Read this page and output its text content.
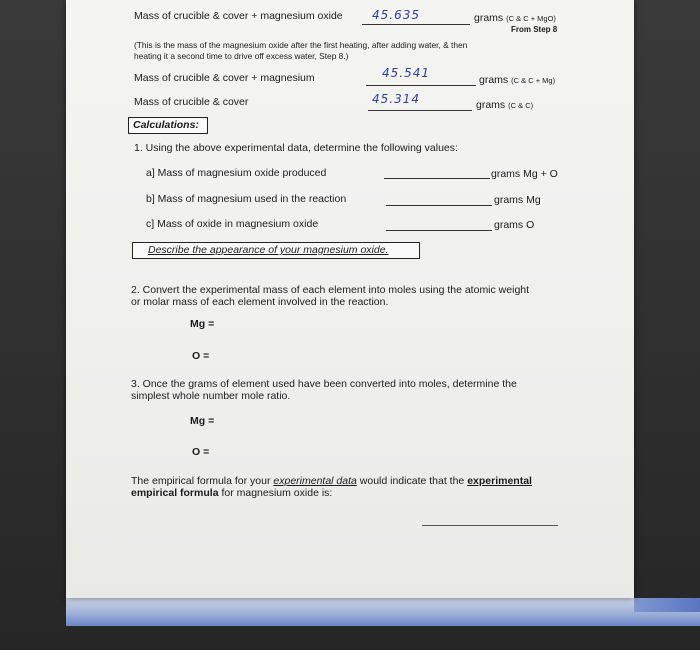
Mass of crucible & cover + magnesium oxide 45.635	grams (C & C + MgO)
From Step 8
(This is the mass of the magnesium oxide after the first heating, after adding water, & then
heating it a second time to drive off excess water, Step 8.)
Mass of crucible & cover + magnesium	45.541	grams (C & C + Mg)
Mass of crucible & cover	45.314	grams (C & C)
Calculations:
1. Using the above experimental data, determine the following values:
a] Mass of magnesium oxide produced	grams Mg + O
b] Mass of magnesium used in the reaction	grams Mg
c] Mass of oxide in magnesium oxide	grams O
Describe the appearance of your magnesium oxide.
2. Convert the experimental mass of each element into moles using the atomic weight
or molar mass of each element involved in the reaction.
Mg =
O =
3. Once the grams of element used have been converted into moles, determine the
simplest whole number mole ratio.
Mg =
O =
The empirical formula for your experimental data would indicate that the experimental
empirical formula for magnesium oxide is:
